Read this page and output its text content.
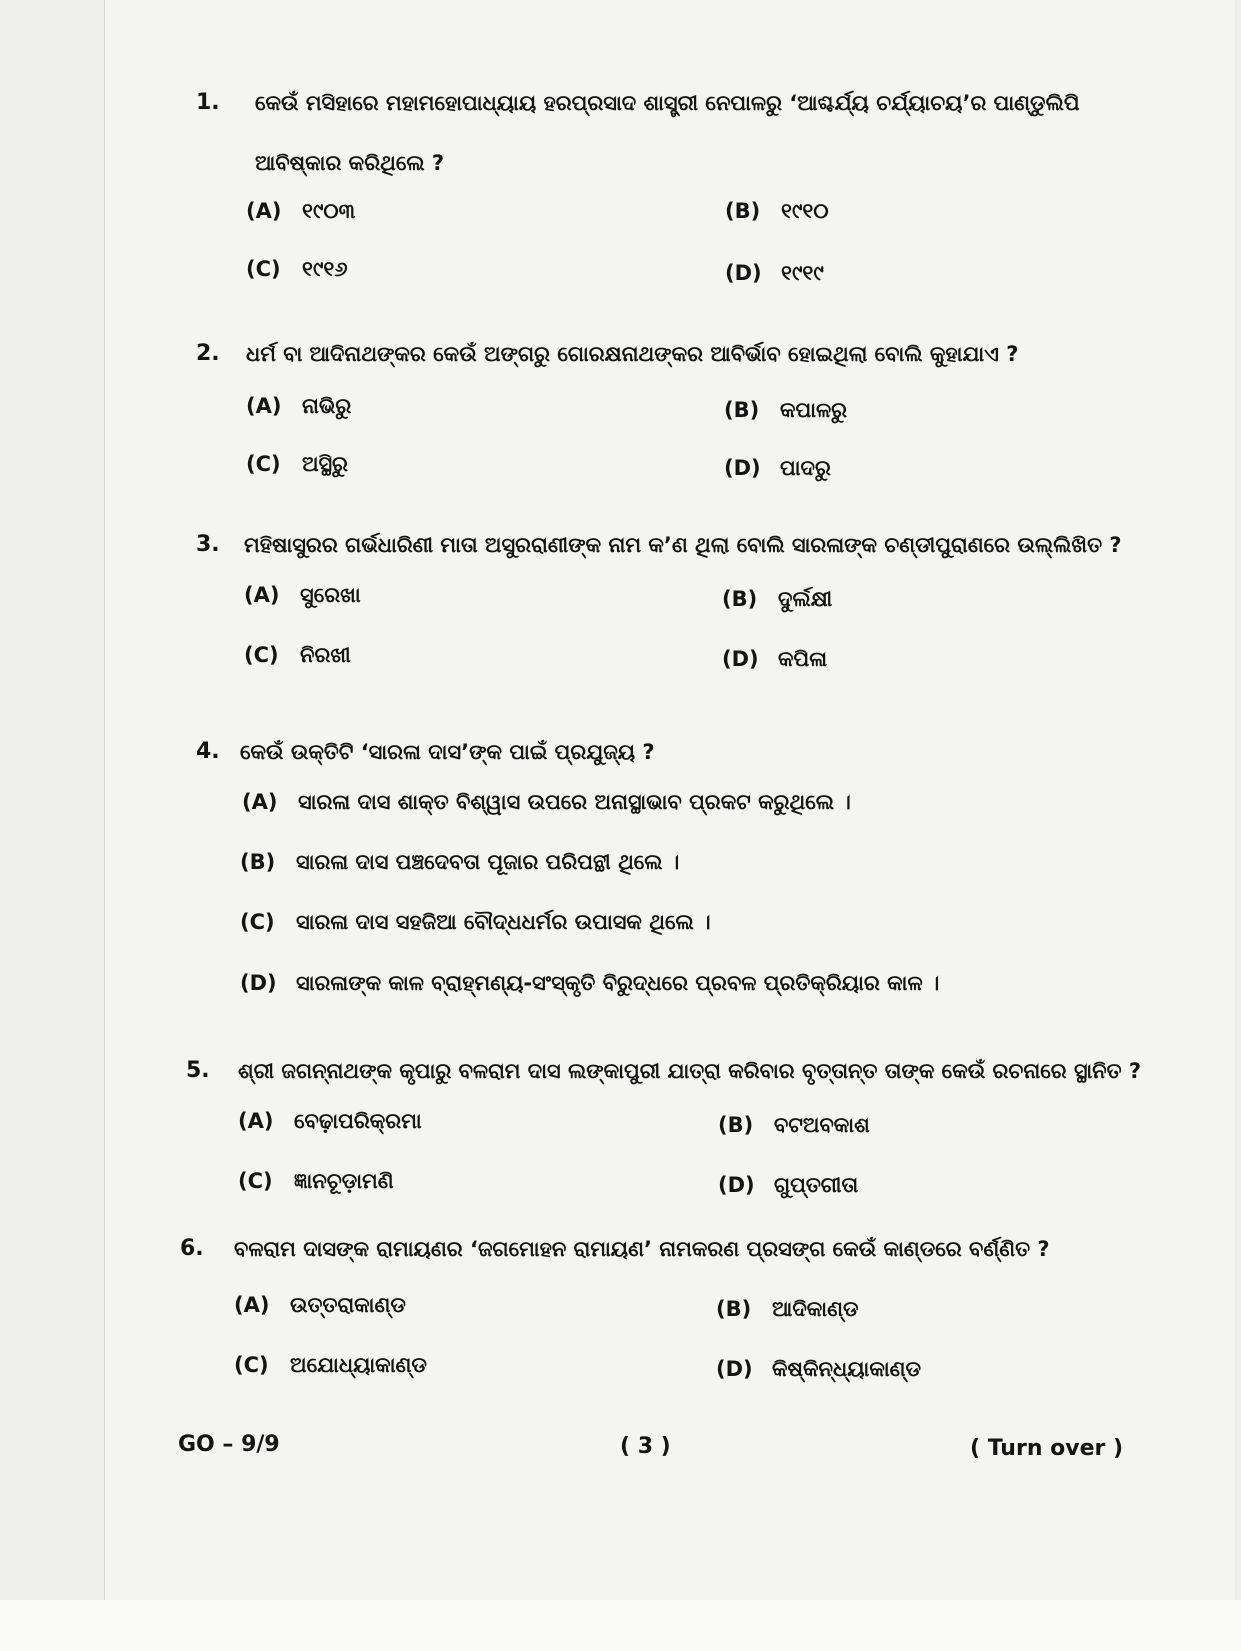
1. କେଉଁ ମସିହାରେ ମହାମହୋପାଧ୍ୟାୟ ହରପ୍ରସାଦ ଶାସ୍ତ୍ରୀ ନେପାଳରୁ ‘ଆଶ୍ଚର୍ଯ୍ୟ ଚର୍ଯ୍ୟାଚୟ’ର ପାଣ୍ଡୁଲିପି ଆବିଷ୍କାର କରିଥିଲେ ?
(A) ୧୯୦୩	(B) ୧୯୧୦
(C) ୧୯୧୬	(D) ୧୯୧୯
2. ଧର୍ମ ବା ଆଦିନାଥଙ୍କର କେଉଁ ଅଙ୍ଗରୁ ଗୋରକ୍ଷନାଥଙ୍କର ଆବିର୍ଭାବ ହୋଇଥିଲା ବୋଲି କୁହାଯାଏ ?
(A) ନାଭିରୁ	(B) କପାଳରୁ
(C) ଅସ୍ଥିରୁ	(D) ପାଦରୁ
3. ମହିଷାସୁରର ଗର୍ଭଧାରିଣୀ ମାତା ଅସୁରରାଣୀଙ୍କ ନାମ କ’ଣ ଥିଲା ବୋଲି ସାରଳାଙ୍କ ଚଣ୍ଡୀପୁରାଣରେ ଉଲ୍ଲିଖିତ ?
(A) ସୁରେଖା	(B) ଦୁର୍ଲକ୍ଷୀ
(C) ନିରଖୀ	(D) କପିଳା
4. କେଉଁ ଉକ୍ତିଟି ‘ସାରଳା ଦାସ’ଙ୍କ ପାଇଁ ପ୍ରଯୁଜ୍ୟ ?
(A) ସାରଳା ଦାସ ଶାକ୍ତ ବିଶ୍ୱାସ ଉପରେ ଅନାସ୍ଥାଭାବ ପ୍ରକଟ କରୁଥିଲେ ।
(B) ସାରଳା ଦାସ ପଞ୍ଚଦେବତା ପୂଜାର ପରିପନ୍ଥୀ ଥିଲେ ।
(C) ସାରଳା ଦାସ ସହଜିଆ ବୌଦ୍ଧଧର୍ମର ଉପାସକ ଥିଲେ ।
(D) ସାରଳାଙ୍କ କାଳ ବ୍ରାହ୍ମଣ୍ୟ-ସଂସ୍କୃତି ବିରୁଦ୍ଧରେ ପ୍ରବଳ ପ୍ରତିକ୍ରିୟାର କାଳ ।
5. ଶ୍ରୀ ଜଗନ୍ନାଥଙ୍କ କୃପାରୁ ବଳରାମ ଦାସ ଲଙ୍କାପୁରୀ ଯାତ୍ରା କରିବାର ବୃତ୍ତାନ୍ତ ତାଙ୍କ କେଉଁ ରଚନାରେ ସ୍ଥାନିତ ?
(A) ବେଢ଼ାପରିକ୍ରମା	(B) ବଟଅବକାଶ
(C) ଜ୍ଞାନଚୂଡ଼ାମଣି	(D) ଗୁପ୍ତଗୀତା
6. ବଳରାମ ଦାସଙ୍କ ରାମାୟଣର ‘ଜଗମୋହନ ରାମାୟଣ’ ନାମକରଣ ପ୍ରସଙ୍ଗ କେଉଁ କାଣ୍ଡରେ ବର୍ଣ୍ଣିତ ?
(A) ଉତ୍ତରାକାଣ୍ଡ	(B) ଆଦିକାଣ୍ଡ
(C) ଅଯୋଧ୍ୟାକାଣ୍ଡ	(D) କିଷ୍କିନ୍ଧ୍ୟାକାଣ୍ଡ
GO – 9/9	( 3 )	( Turn over )
